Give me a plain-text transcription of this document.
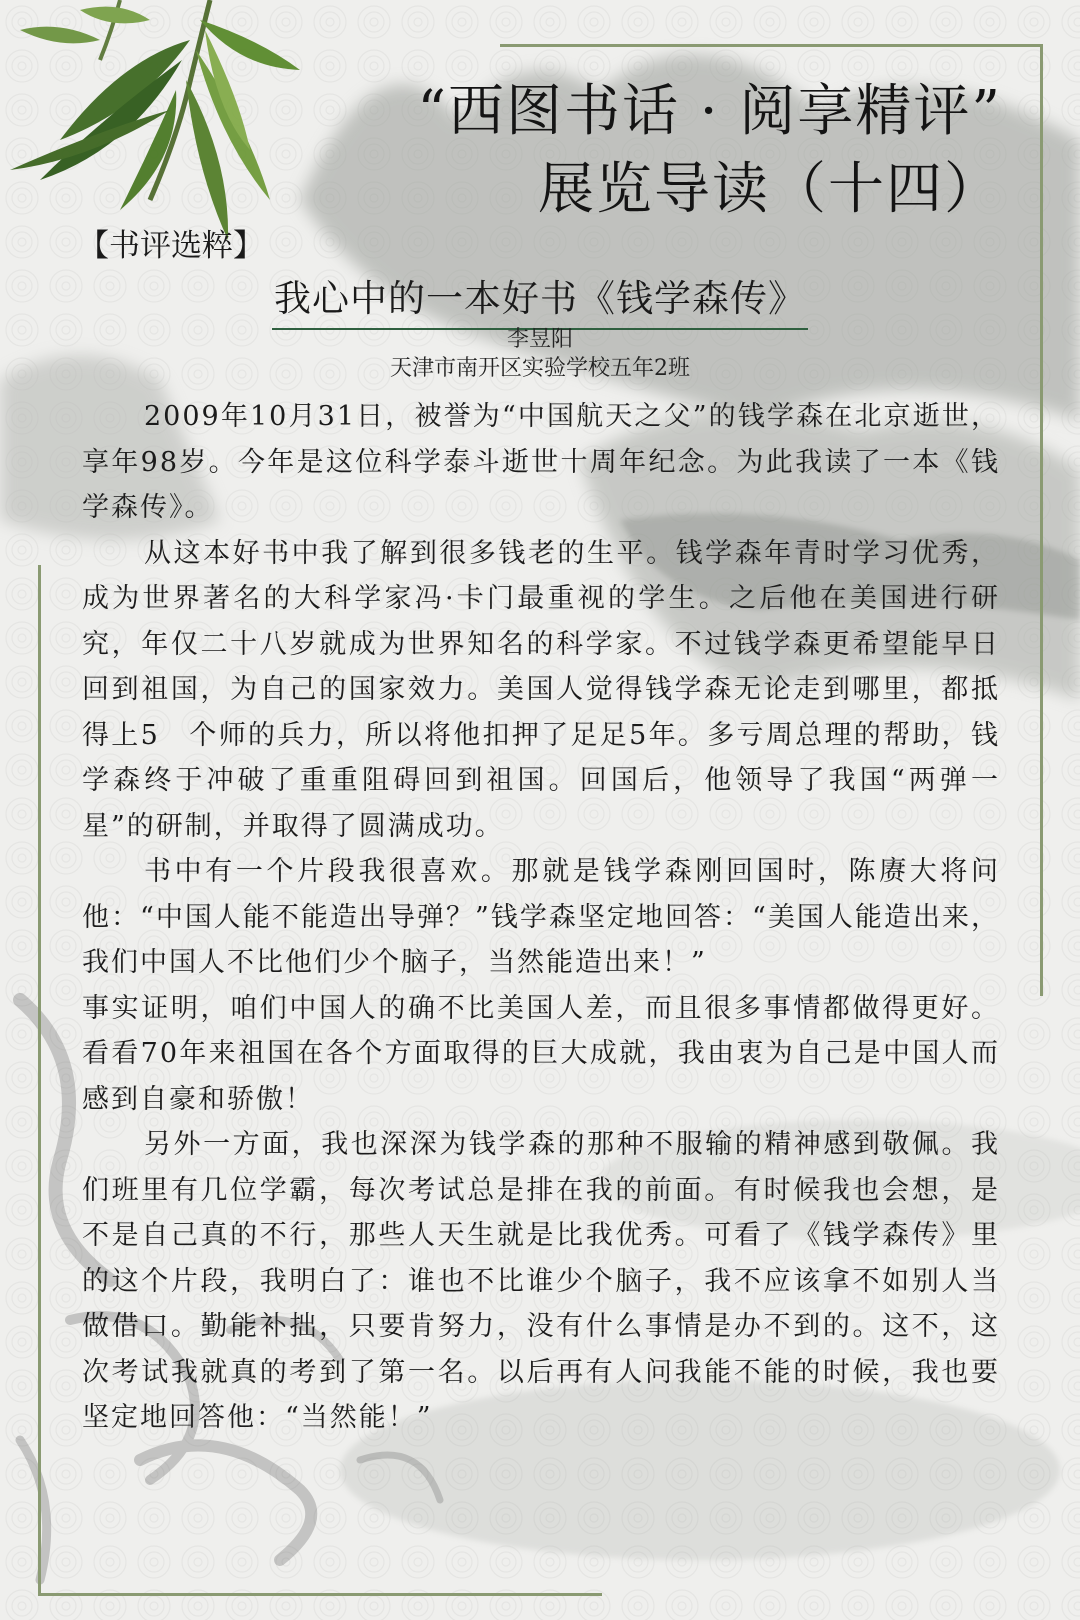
“西图书话 · 阅享精评”
展览导读（十四）
【书评选粹】
我心中的一本好书《钱学森传》
李昱阳
天津市南开区实验学校五年2班

2009年10月31日，被誉为“中国航天之父”的钱学森在北京逝世，享年98岁。今年是这位科学泰斗逝世十周年纪念。为此我读了一本《钱学森传》。

从这本好书中我了解到很多钱老的生平。钱学森年青时学习优秀，成为世界著名的大科学家冯·卡门最重视的学生。之后他在美国进行研究，年仅二十八岁就成为世界知名的科学家。不过钱学森更希望能早日回到祖国，为自己的国家效力。美国人觉得钱学森无论走到哪里，都抵得上5　个师的兵力，所以将他扣押了足足5年。多亏周总理的帮助，钱学森终于冲破了重重阻碍回到祖国。回国后，他领导了我国“两弹一星”的研制，并取得了圆满成功。

书中有一个片段我很喜欢。那就是钱学森刚回国时，陈赓大将问他：“中国人能不能造出导弹？”钱学森坚定地回答：“美国人能造出来，我们中国人不比他们少个脑子，当然能造出来！”

事实证明，咱们中国人的确不比美国人差，而且很多事情都做得更好。看看70年来祖国在各个方面取得的巨大成就，我由衷为自己是中国人而感到自豪和骄傲！

另外一方面，我也深深为钱学森的那种不服输的精神感到敬佩。我们班里有几位学霸，每次考试总是排在我的前面。有时候我也会想，是不是自己真的不行，那些人天生就是比我优秀。可看了《钱学森传》里的这个片段，我明白了：谁也不比谁少个脑子，我不应该拿不如别人当做借口。勤能补拙，只要肯努力，没有什么事情是办不到的。这不，这次考试我就真的考到了第一名。以后再有人问我能不能的时候，我也要坚定地回答他：“当然能！”
